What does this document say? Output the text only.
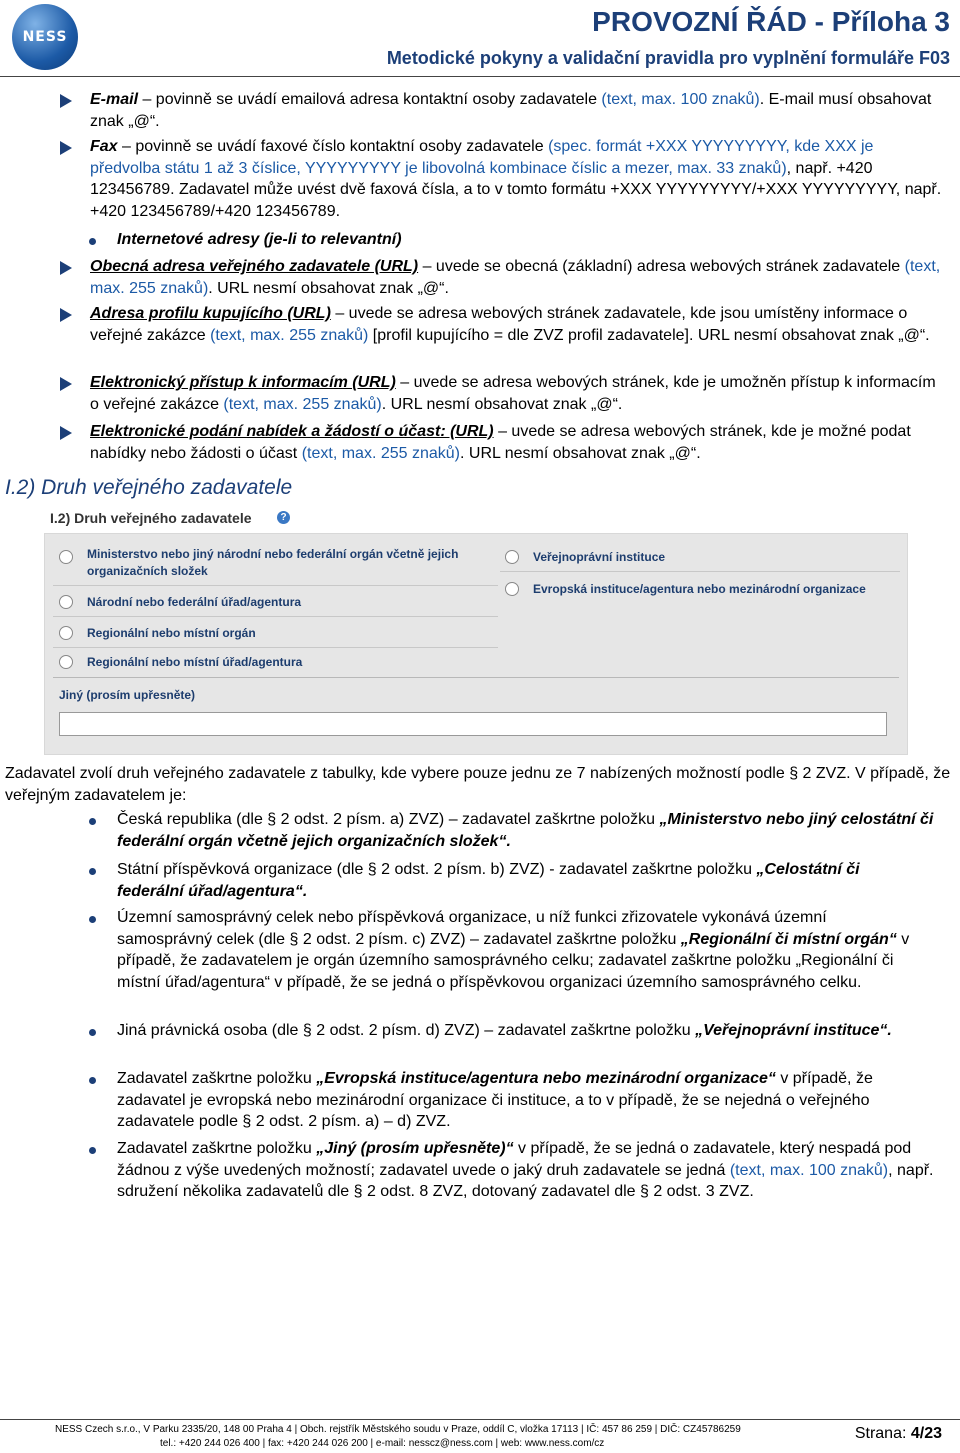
NESS	PROVOZNÍ ŘÁD - Příloha 3
Metodické pokyny a validační pravidla pro vyplnění formuláře F03
E-mail – povinně se uvádí emailová adresa kontaktní osoby zadavatele (text, max. 100 znaků). E-mail musí obsahovat znak „@“.
Fax – povinně se uvádí faxové číslo kontaktní osoby zadavatele (spec. formát +XXX YYYYYYYYY, kde XXX je předvolba státu 1 až 3 číslice, YYYYYYYYY je libovolná kombinace číslic a mezer, max. 33 znaků), např. +420 123456789. Zadavatel může uvést dvě faxová čísla, a to v tomto formátu +XXX YYYYYYYYY/+XXX YYYYYYYYY, např. +420 123456789/+420 123456789.
Internetové adresy (je-li to relevantní)
Obecná adresa veřejného zadavatele (URL) – uvede se obecná (základní) adresa webových stránek zadavatele (text, max. 255 znaků). URL nesmí obsahovat znak „@“.
Adresa profilu kupujícího (URL) – uvede se adresa webových stránek zadavatele, kde jsou umístěny informace o veřejné zakázce (text, max. 255 znaků) [profil kupujícího = dle ZVZ profil zadavatele]. URL nesmí obsahovat znak „@“.
Elektronický přístup k informacím (URL) – uvede se adresa webových stránek, kde je umožněn přístup k informacím o veřejné zakázce (text, max. 255 znaků). URL nesmí obsahovat znak „@“.
Elektronické podání nabídek a žádostí o účast: (URL) – uvede se adresa webových stránek, kde je možné podat nabídky nebo žádosti o účast (text, max. 255 znaků). URL nesmí obsahovat znak „@“.
I.2) Druh veřejného zadavatele
I.2) Druh veřejného zadavatele	?
Ministerstvo nebo jiný národní nebo federální orgán včetně jejich organizačních složek
Národní nebo federální úřad/agentura
Regionální nebo místní orgán
Regionální nebo místní úřad/agentura
Veřejnoprávní instituce
Evropská instituce/agentura nebo mezinárodní organizace
Jiný (prosím upřesněte)
Zadavatel zvolí druh veřejného zadavatele z tabulky, kde vybere pouze jednu ze 7 nabízených možností podle § 2 ZVZ. V případě, že veřejným zadavatelem je:
Česká republika (dle § 2 odst. 2 písm. a) ZVZ) – zadavatel zaškrtne položku „Ministerstvo nebo jiný celostátní či federální orgán včetně jejich organizačních složek“.
Státní příspěvková organizace (dle § 2 odst. 2 písm. b) ZVZ) - zadavatel zaškrtne položku „Celostátní či federální úřad/agentura“.
Územní samosprávný celek nebo příspěvková organizace, u níž funkci zřizovatele vykonává územní samosprávný celek (dle § 2 odst. 2 písm. c) ZVZ) – zadavatel zaškrtne položku „Regionální či místní orgán“ v případě, že zadavatelem je orgán územního samosprávného celku; zadavatel zaškrtne položku „Regionální či místní úřad/agentura“ v případě, že se jedná o příspěvkovou organizaci územního samosprávného celku.
Jiná právnická osoba (dle § 2 odst. 2 písm. d) ZVZ) – zadavatel zaškrtne položku „Veřejnoprávní instituce“.
Zadavatel zaškrtne položku „Evropská instituce/agentura nebo mezinárodní organizace“ v případě, že zadavatel je evropská nebo mezinárodní organizace či instituce, a to v případě, že se nejedná o veřejného zadavatele podle § 2 odst. 2 písm. a) – d) ZVZ.
Zadavatel zaškrtne položku „Jiný (prosím upřesněte)“ v případě, že se jedná o zadavatele, který nespadá pod žádnou z výše uvedených možností; zadavatel uvede o jaký druh zadavatele se jedná (text, max. 100 znaků), např. sdružení několika zadavatelů dle § 2 odst. 8 ZVZ, dotovaný zadavatel dle § 2 odst. 3 ZVZ.
NESS Czech s.r.o., V Parku 2335/20, 148 00 Praha 4 | Obch. rejstřík Městského soudu v Praze, oddíl C, vložka 17113 | IČ: 457 86 259 | DIČ: CZ45786259
tel.: +420 244 026 400 | fax: +420 244 026 200 | e-mail: nesscz@ness.com | web: www.ness.com/cz
Strana: 4/23
